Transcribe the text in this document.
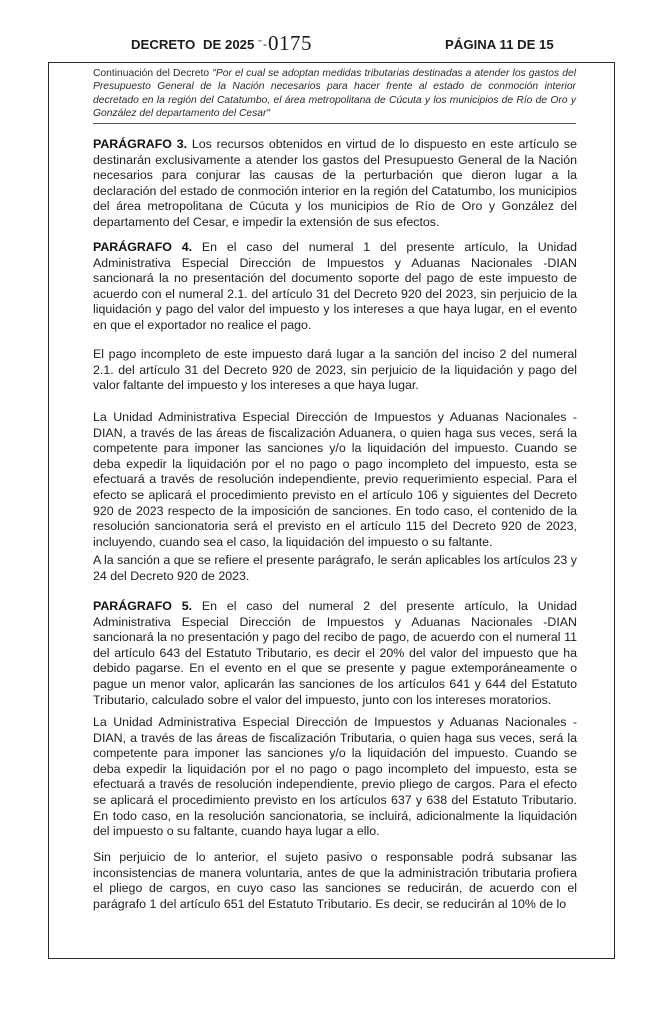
DECRETO DE 2025 ˘-0175	PÁGINA 11 DE 15
Continuación del Decreto "Por el cual se adoptan medidas tributarias destinadas a atender los gastos del Presupuesto General de la Nación necesarios para hacer frente al estado de conmoción interior decretado en la región del Catatumbo, el área metropolitana de Cúcuta y los municipios de Río de Oro y González del departamento del Cesar"
PARÁGRAFO 3. Los recursos obtenidos en virtud de lo dispuesto en este artículo se destinarán exclusivamente a atender los gastos del Presupuesto General de la Nación necesarios para conjurar las causas de la perturbación que dieron lugar a la declaración del estado de conmoción interior en la región del Catatumbo, los municipios del área metropolitana de Cúcuta y los municipios de Río de Oro y González del departamento del Cesar, e impedir la extensión de sus efectos.
PARÁGRAFO 4. En el caso del numeral 1 del presente artículo, la Unidad Administrativa Especial Dirección de Impuestos y Aduanas Nacionales -DIAN sancionará la no presentación del documento soporte del pago de este impuesto de acuerdo con el numeral 2.1. del artículo 31 del Decreto 920 del 2023, sin perjuicio de la liquidación y pago del valor del impuesto y los intereses a que haya lugar, en el evento en que el exportador no realice el pago.
El pago incompleto de este impuesto dará lugar a la sanción del inciso 2 del numeral 2.1. del artículo 31 del Decreto 920 de 2023, sin perjuicio de la liquidación y pago del valor faltante del impuesto y los intereses a que haya lugar.
La Unidad Administrativa Especial Dirección de Impuestos y Aduanas Nacionales - DIAN, a través de las áreas de fiscalización Aduanera, o quien haga sus veces, será la competente para imponer las sanciones y/o la liquidación del impuesto. Cuando se deba expedir la liquidación por el no pago o pago incompleto del impuesto, esta se efectuará a través de resolución independiente, previo requerimiento especial. Para el efecto se aplicará el procedimiento previsto en el artículo 106 y siguientes del Decreto 920 de 2023 respecto de la imposición de sanciones. En todo caso, el contenido de la resolución sancionatoria será el previsto en el artículo 115 del Decreto 920 de 2023, incluyendo, cuando sea el caso, la liquidación del impuesto o su faltante.
A la sanción a que se refiere el presente parágrafo, le serán aplicables los artículos 23 y 24 del Decreto 920 de 2023.
PARÁGRAFO 5. En el caso del numeral 2 del presente artículo, la Unidad Administrativa Especial Dirección de Impuestos y Aduanas Nacionales -DIAN sancionará la no presentación y pago del recibo de pago, de acuerdo con el numeral 11 del artículo 643 del Estatuto Tributario, es decir el 20% del valor del impuesto que ha debido pagarse. En el evento en el que se presente y pague extemporáneamente o pague un menor valor, aplicarán las sanciones de los artículos 641 y 644 del Estatuto Tributario, calculado sobre el valor del impuesto, junto con los intereses moratorios.
La Unidad Administrativa Especial Dirección de Impuestos y Aduanas Nacionales - DIAN, a través de las áreas de fiscalización Tributaria, o quien haga sus veces, será la competente para imponer las sanciones y/o la liquidación del impuesto. Cuando se deba expedir la liquidación por el no pago o pago incompleto del impuesto, esta se efectuará a través de resolución independiente, previo pliego de cargos. Para el efecto se aplicará el procedimiento previsto en los artículos 637 y 638 del Estatuto Tributario. En todo caso, en la resolución sancionatoria, se incluirá, adicionalmente la liquidación del impuesto o su faltante, cuando haya lugar a ello.
Sin perjuicio de lo anterior, el sujeto pasivo o responsable podrá subsanar las inconsistencias de manera voluntaria, antes de que la administración tributaria profiera el pliego de cargos, en cuyo caso las sanciones se reducirán, de acuerdo con el parágrafo 1 del artículo 651 del Estatuto Tributario. Es decir, se reducirán al 10% de lo
